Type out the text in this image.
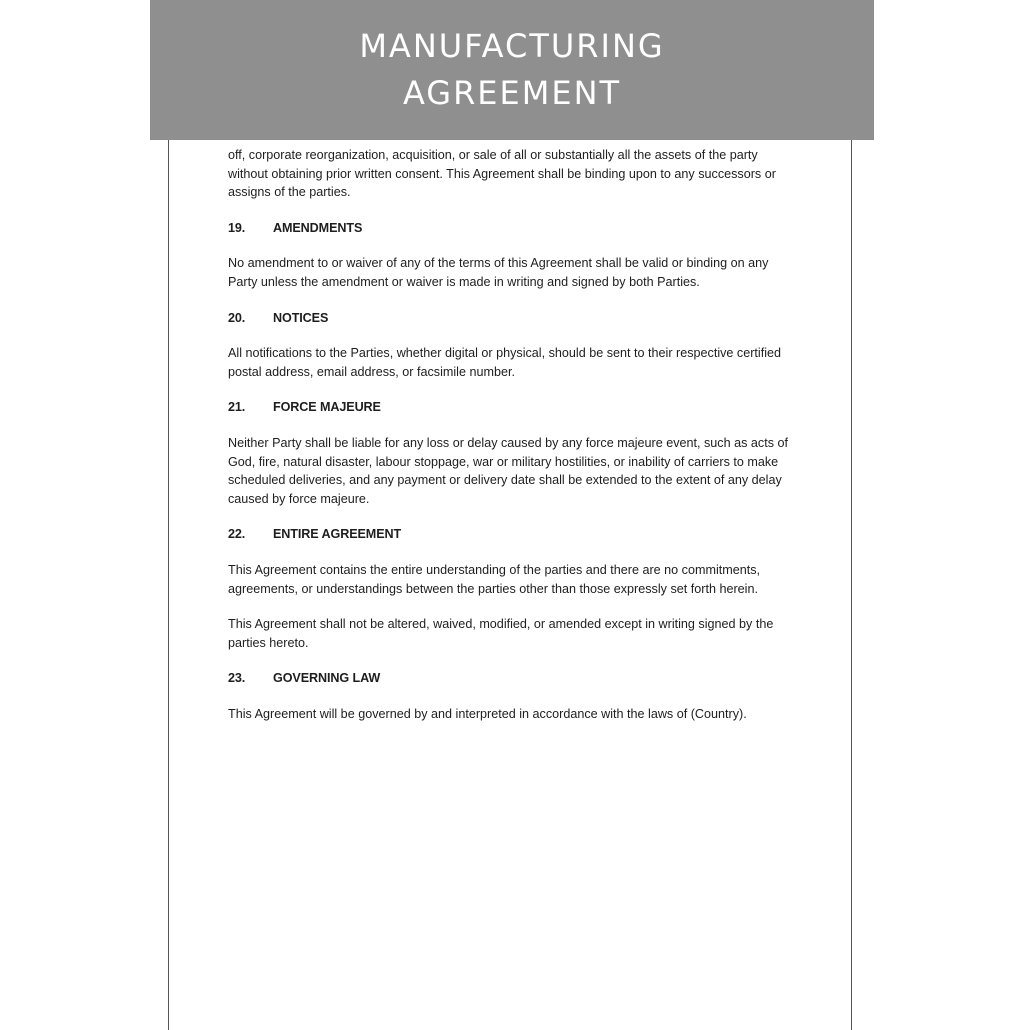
MANUFACTURING
AGREEMENT

off, corporate reorganization, acquisition, or sale of all or substantially all the assets of the party without obtaining prior written consent. This Agreement shall be binding upon to any successors or assigns of the parties.

19.	AMENDMENTS

No amendment to or waiver of any of the terms of this Agreement shall be valid or binding on any Party unless the amendment or waiver is made in writing and signed by both Parties.

20.	NOTICES

All notifications to the Parties, whether digital or physical, should be sent to their respective certified postal address, email address, or facsimile number.

21.	FORCE MAJEURE

Neither Party shall be liable for any loss or delay caused by any force majeure event, such as acts of God, fire, natural disaster, labour stoppage, war or military hostilities, or inability of carriers to make scheduled deliveries, and any payment or delivery date shall be extended to the extent of any delay caused by force majeure.

22.	ENTIRE AGREEMENT

This Agreement contains the entire understanding of the parties and there are no commitments, agreements, or understandings between the parties other than those expressly set forth herein.

This Agreement shall not be altered, waived, modified, or amended except in writing signed by the parties hereto.

23.	GOVERNING LAW

This Agreement will be governed by and interpreted in accordance with the laws of (Country).
